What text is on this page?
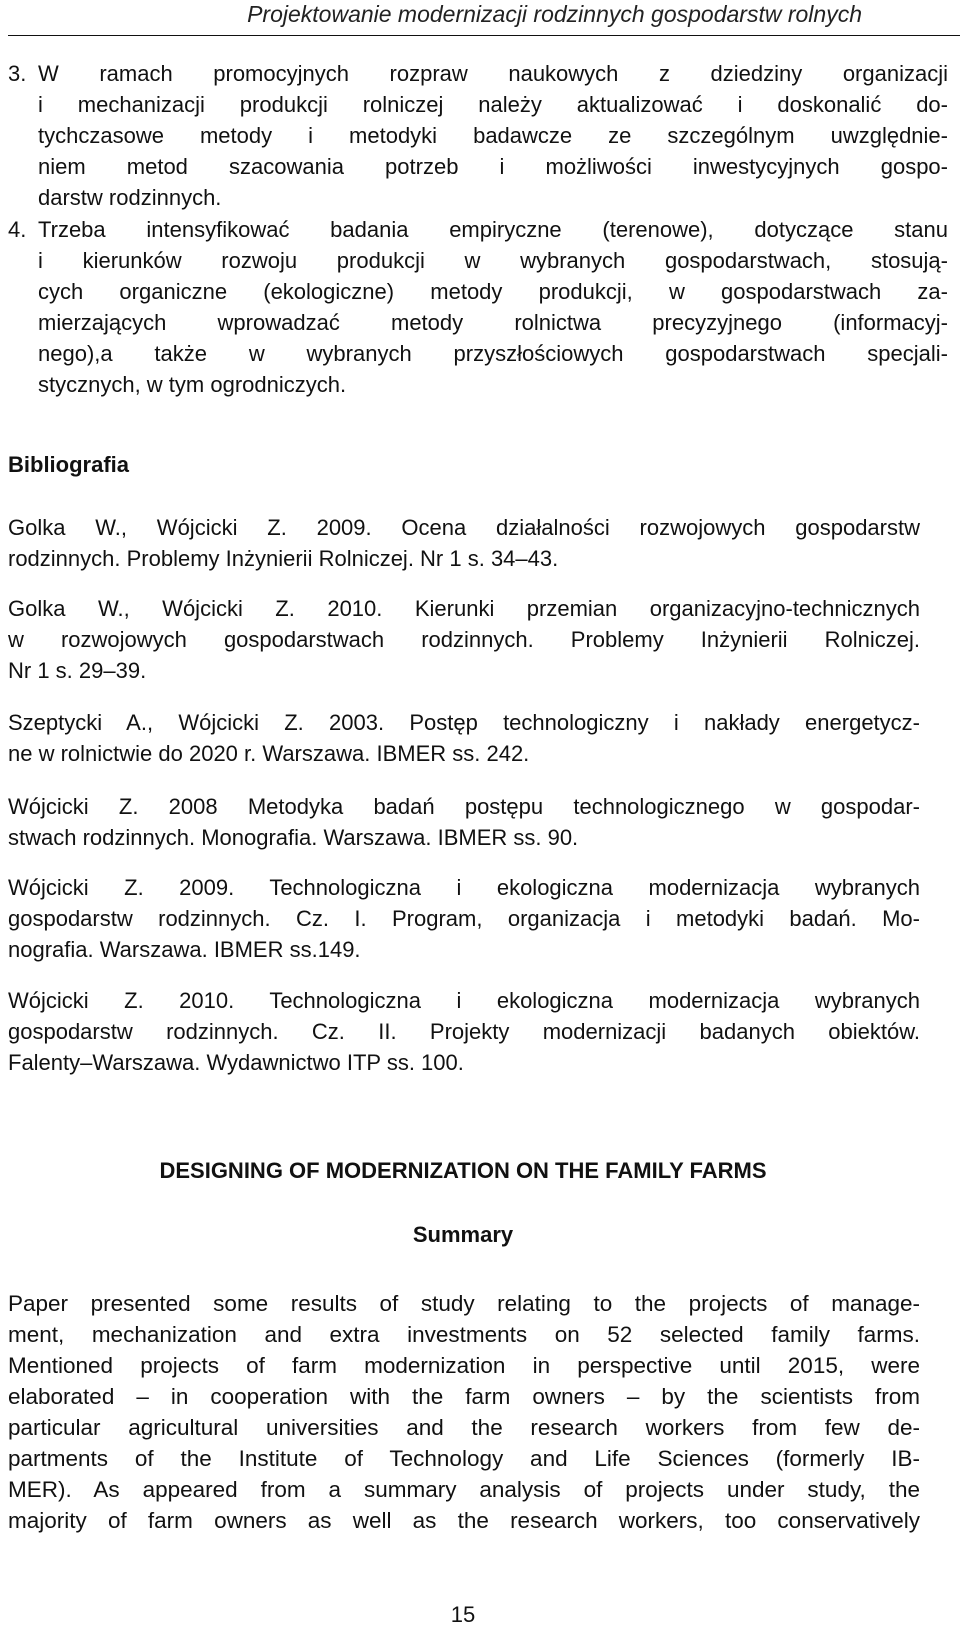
Projektowanie modernizacji rodzinnych gospodarstw rolnych
3. W ramach promocyjnych rozpraw naukowych z dziedziny organizacji
i mechanizacji produkcji rolniczej należy aktualizować i doskonalić do-
tychczasowe metody i metodyki badawcze ze szczególnym uwzględnie-
niem metod szacowania potrzeb i możliwości inwestycyjnych gospo-
darstw rodzinnych.
4. Trzeba intensyfikować badania empiryczne (terenowe), dotyczące stanu
i kierunków rozwoju produkcji w wybranych gospodarstwach, stosują-
cych organiczne (ekologiczne) metody produkcji, w gospodarstwach za-
mierzających wprowadzać metody rolnictwa precyzyjnego (informacyj-
nego),a także w wybranych przyszłościowych gospodarstwach specjali-
stycznych, w tym ogrodniczych.
Bibliografia
Golka W., Wójcicki Z. 2009. Ocena działalności rozwojowych gospodarstw
rodzinnych. Problemy Inżynierii Rolniczej. Nr 1 s. 34–43.
Golka W., Wójcicki Z. 2010. Kierunki przemian organizacyjno-technicznych
w rozwojowych gospodarstwach rodzinnych. Problemy Inżynierii Rolniczej.
Nr 1 s. 29–39.
Szeptycki A., Wójcicki Z. 2003. Postęp technologiczny i nakłady energetycz-
ne w rolnictwie do 2020 r. Warszawa. IBMER ss. 242.
Wójcicki Z. 2008 Metodyka badań postępu technologicznego w gospodar-
stwach rodzinnych. Monografia. Warszawa. IBMER ss. 90.
Wójcicki Z. 2009. Technologiczna i ekologiczna modernizacja wybranych
gospodarstw rodzinnych. Cz. I. Program, organizacja i metodyki badań. Mo-
nografia. Warszawa. IBMER ss.149.
Wójcicki Z. 2010. Technologiczna i ekologiczna modernizacja wybranych
gospodarstw rodzinnych. Cz. II. Projekty modernizacji badanych obiektów.
Falenty–Warszawa. Wydawnictwo ITP ss. 100.
DESIGNING OF MODERNIZATION ON THE FAMILY FARMS
Summary
Paper presented some results of study relating to the projects of manage-
ment, mechanization and extra investments on 52 selected family farms.
Mentioned projects of farm modernization in perspective until 2015, were
elaborated – in cooperation with the farm owners – by the scientists from
particular agricultural universities and the research workers from few de-
partments of the Institute of Technology and Life Sciences (formerly IB-
MER). As appeared from a summary analysis of projects under study, the
majority of farm owners as well as the research workers, too conservatively
15
